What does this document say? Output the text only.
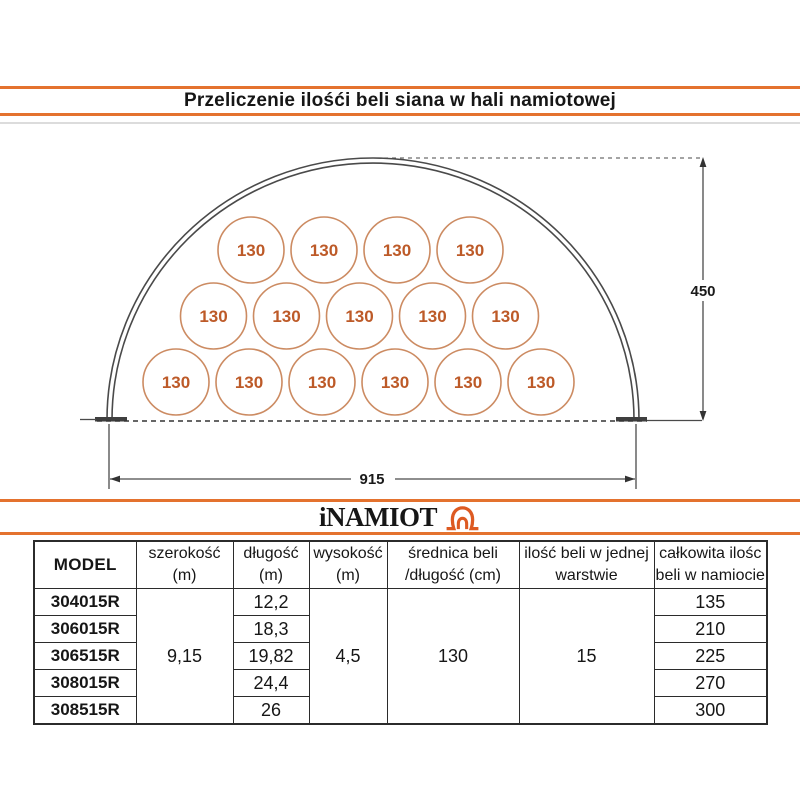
Przeliczenie ilośći beli siana w hali namiotowej
450
915
130	130	130	130
130	130	130	130	130
130	130	130	130	130	130
iNAMIOT
MODEL

szerokość
(m)

długość
(m)

wysokość
(m)

średnica beli
/długość (cm)

ilość beli w jednej
warstwie

całkowita ilośc
beli w namiocie

304015R	9,15	12,2	4,5	130	15	135
306015R		18,3				210
306515R		19,82				225
308015R		24,4				270
308515R		26				300
